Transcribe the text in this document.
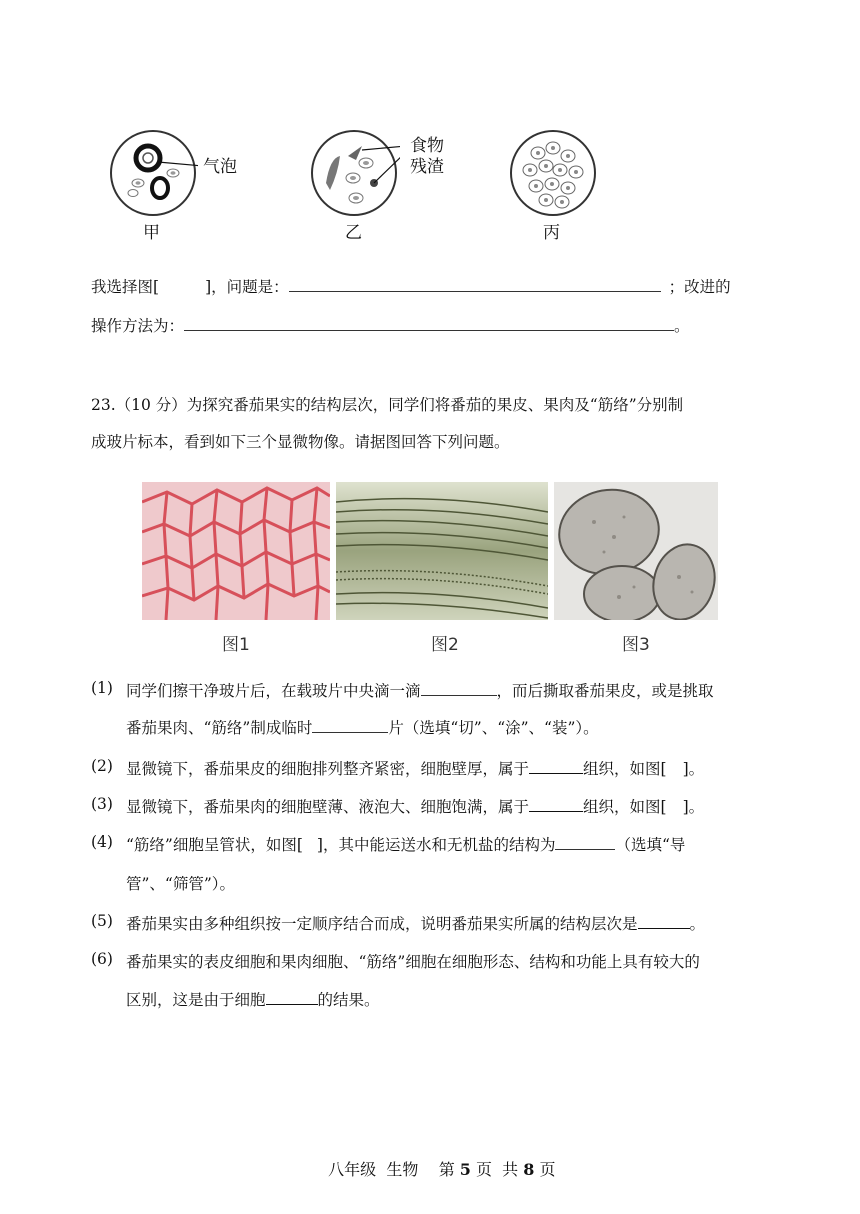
气泡
食物
残渣
甲	乙	丙
我选择图[	]，问题是：	；改进的
操作方法为：	。
23.（10 分）为探究番茄果实的结构层次，同学们将番茄的果皮、果肉及“筋络”分别制
成玻片标本，看到如下三个显微物像。请据图回答下列问题。
图1	图2	图3
(1) 同学们擦干净玻片后，在载玻片中央滴一滴	，而后撕取番茄果皮，或是挑取
番茄果肉、“筋络”制成临时	片（选填“切”、“涂”、“装”）。
(2) 显微镜下，番茄果皮的细胞排列整齐紧密，细胞壁厚，属于	组织，如图[ ]。
(3) 显微镜下，番茄果肉的细胞壁薄、液泡大、细胞饱满，属于	组织，如图[ ]。
(4) “筋络”细胞呈管状，如图[ ]，其中能运送水和无机盐的结构为	（选填“导
管”、“筛管”）。
(5) 番茄果实由多种组织按一定顺序结合而成，说明番茄果实所属的结构层次是	。
(6) 番茄果实的表皮细胞和果肉细胞、“筋络”细胞在细胞形态、结构和功能上具有较大的
区别，这是由于细胞	的结果。

八年级  生物    第 5 页  共 8 页
